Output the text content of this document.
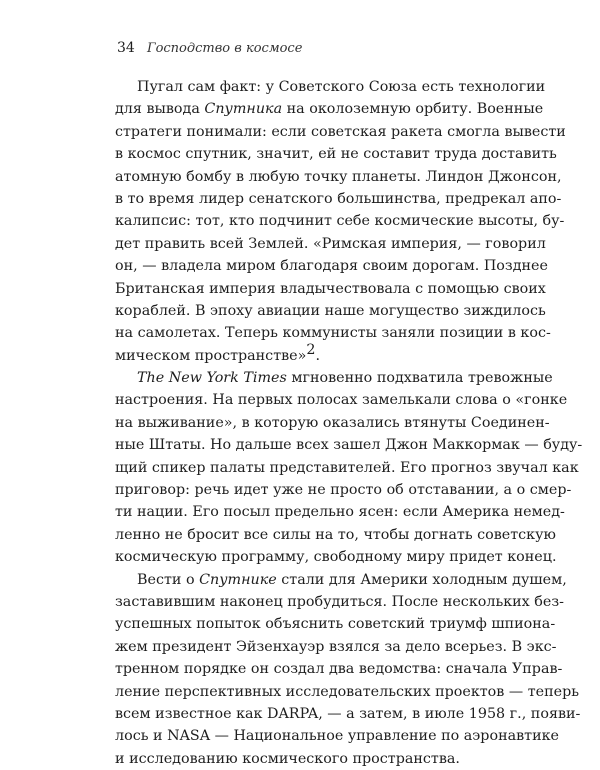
34 Господство в космосе
Пугал сам факт: у Советского Союза есть технологии
для вывода Спутника на околоземную орбиту. Военные
стратеги понимали: если советская ракета смогла вывести
в космос спутник, значит, ей не составит труда доставить
атомную бомбу в любую точку планеты. Линдон Джонсон,
в то время лидер сенатского большинства, предрекал апо-
калипсис: тот, кто подчинит себе космические высоты, бу-
дет править всей Землей. «Римская империя, — говорил
он, — владела миром благодаря своим дорогам. Позднее
Британская империя владычествовала с помощью своих
кораблей. В эпоху авиации наше могущество зиждилось
на самолетах. Теперь коммунисты заняли позиции в кос-
мическом пространстве»$^2$.
The New York Times мгновенно подхватила тревожные
настроения. На первых полосах замелькали слова о «гонке
на выживание», в которую оказались втянуты Соединен-
ные Штаты. Но дальше всех зашел Джон Маккормак — буду-
щий спикер палаты представителей. Его прогноз звучал как
приговор: речь идет уже не просто об отставании, а о смер-
ти нации. Его посыл предельно ясен: если Америка немед-
ленно не бросит все силы на то, чтобы догнать советскую
космическую программу, свободному миру придет конец.
Вести о Спутнике стали для Америки холодным душем,
заставившим наконец пробудиться. После нескольких без-
успешных попыток объяснить советский триумф шпионa-
жем президент Эйзенхауэр взялся за дело всерьез. В экс-
тренном порядке он создал два ведомства: сначала Управ-
ление перспективных исследовательских проектов — теперь
всем известное как DARPA, — а затем, в июле 1958 г., появи-
лось и NASA — Национальное управление по аэронавтике
и исследованию космического пространства.
